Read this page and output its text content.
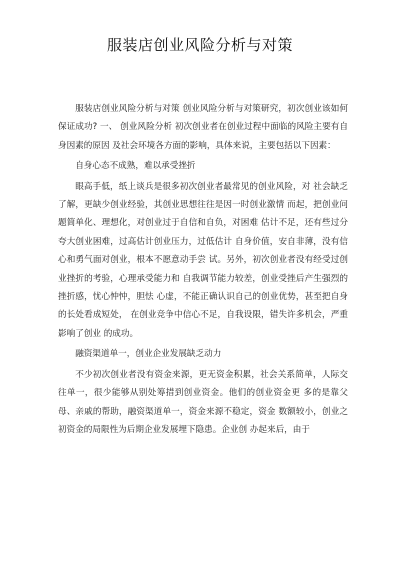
服装店创业风险分析与对策

服装店创业风险分析与对策 创业风险分析与对策研究，初次创业该如何保证成功? 一、 创业风险分析 初次创业者在创业过程中面临的风险主要有自身因素的原因 及社会环境各方面的影响，具体来说，主要包括以下因素：

自身心态不成熟，难以承受挫折

眼高手低，纸上谈兵是很多初次创业者最常见的创业风险，对 社会缺乏了解，更缺少创业经验，其创业思想往往是因一时创业激情 而起，把创业问题简单化、理想化，对创业过于自信和自负，对困难 估计不足，还有些过分夸大创业困难，过高估计创业压力，过低估计 自身价值，安自非薄，没有信心和勇气面对创业，根本不愿意动手尝 试。另外，初次创业者没有经受过创业挫折的考验，心理承受能力和 自我调节能力较差，创业受挫后产生强烈的挫折感，忧心忡忡，胆怯 心虚，不能正确认识自己的创业优势，甚至把自身的长处看成短处， 在创业竞争中信心不足，自我设限，错失许多机会，严重影响了创业 的成功。

融资渠道单一，创业企业发展缺乏动力

不少初次创业者没有资金来源，更无资金积累，社会关系简单，人际交往单一，很少能够从别处筹措到创业资金。他们的创业资金更 多的是靠父母、亲戚的帮助，融资渠道单一，资金来源不稳定，资金 数额较小，创业之初资金的局限性为后期企业发展埋下隐患。企业创 办起来后，由于
